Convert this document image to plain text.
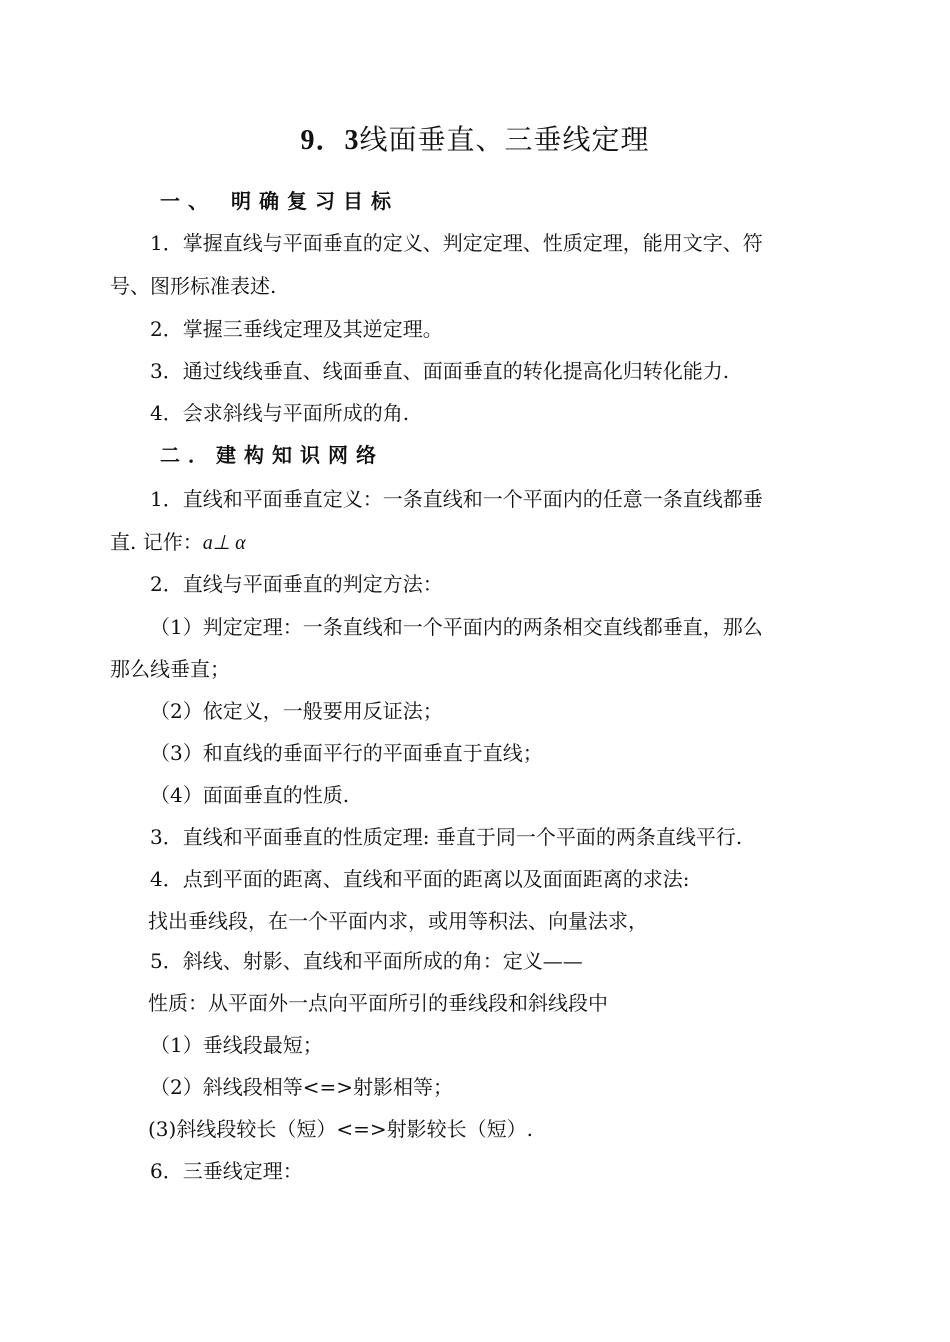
9．3线面垂直、三垂线定理
一、 明确复习目标
1．掌握直线与平面垂直的定义、判定定理、性质定理，能用文字、符
号、图形标准表述.
2．掌握三垂线定理及其逆定理。
3．通过线线垂直、线面垂直、面面垂直的转化提高化归转化能力.
4．会求斜线与平面所成的角.
二．建构知识网络
1．直线和平面垂直定义：一条直线和一个平面内的任意一条直线都垂
直. 记作：a⊥ α
2．直线与平面垂直的判定方法：
（1）判定定理：一条直线和一个平面内的两条相交直线都垂直，那么
那么线垂直；
（2）依定义，一般要用反证法；
（3）和直线的垂面平行的平面垂直于直线；
（4）面面垂直的性质.
3．直线和平面垂直的性质定理: 垂直于同一个平面的两条直线平行.
4．点到平面的距离、直线和平面的距离以及面面距离的求法:
找出垂线段，在一个平面内求，或用等积法、向量法求，
5．斜线、射影、直线和平面所成的角：定义——
性质：从平面外一点向平面所引的垂线段和斜线段中
（1）垂线段最短；
（2）斜线段相等<=>射影相等；
(3)斜线段较长（短）<=>射影较长（短）.
6．三垂线定理：
